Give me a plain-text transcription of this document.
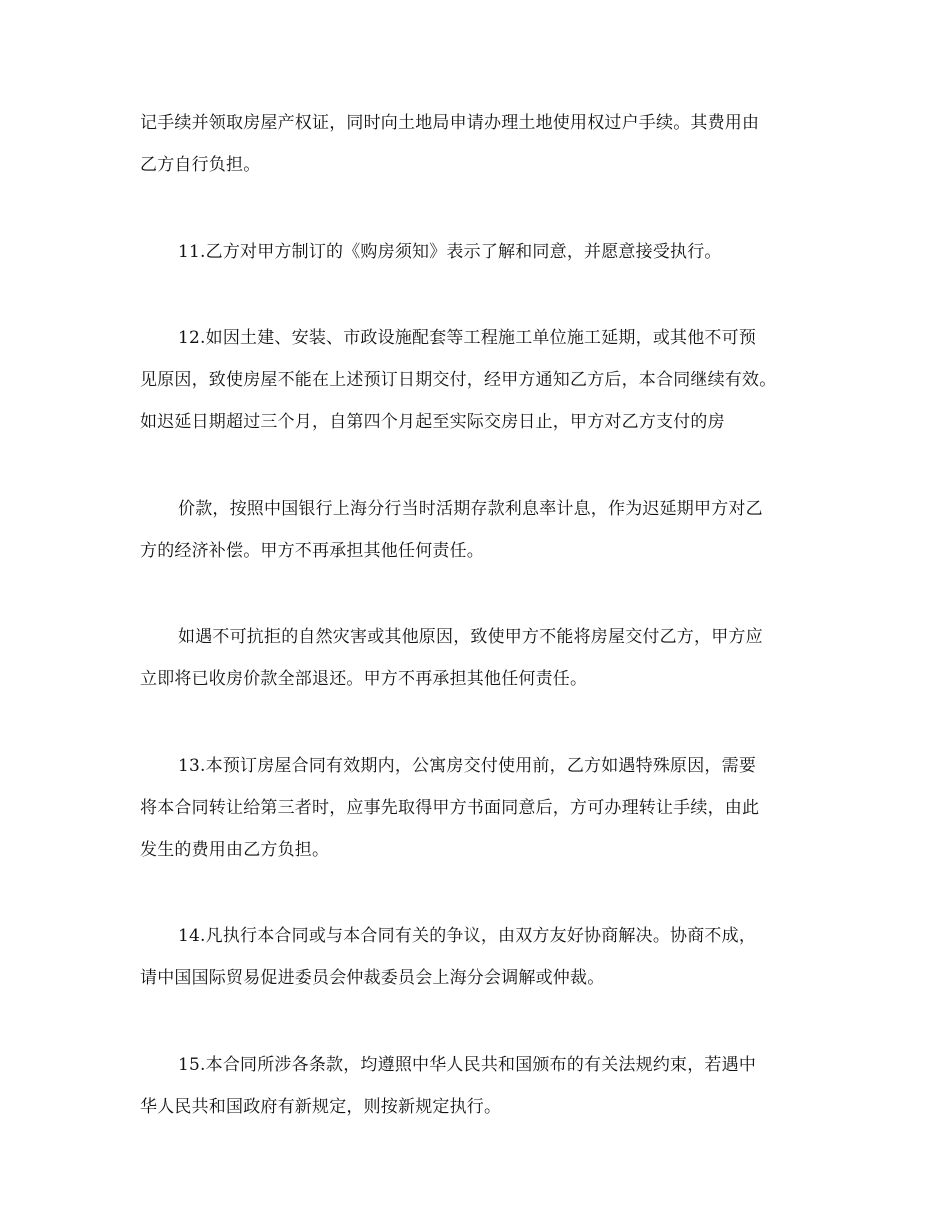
记手续并领取房屋产权证，同时向土地局申请办理土地使用权过户手续。其费用由
乙方自行负担。
11.乙方对甲方制订的《购房须知》表示了解和同意，并愿意接受执行。
12.如因土建、安装、市政设施配套等工程施工单位施工延期，或其他不可预
见原因，致使房屋不能在上述预订日期交付，经甲方通知乙方后，本合同继续有效。
如迟延日期超过三个月，自第四个月起至实际交房日止，甲方对乙方支付的房
价款，按照中国银行上海分行当时活期存款利息率计息，作为迟延期甲方对乙
方的经济补偿。甲方不再承担其他任何责任。
如遇不可抗拒的自然灾害或其他原因，致使甲方不能将房屋交付乙方，甲方应
立即将已收房价款全部退还。甲方不再承担其他任何责任。
13.本预订房屋合同有效期内，公寓房交付使用前，乙方如遇特殊原因，需要
将本合同转让给第三者时，应事先取得甲方书面同意后，方可办理转让手续，由此
发生的费用由乙方负担。
14.凡执行本合同或与本合同有关的争议，由双方友好协商解决。协商不成，
请中国国际贸易促进委员会仲裁委员会上海分会调解或仲裁。
15.本合同所涉各条款，均遵照中华人民共和国颁布的有关法规约束，若遇中
华人民共和国政府有新规定，则按新规定执行。
